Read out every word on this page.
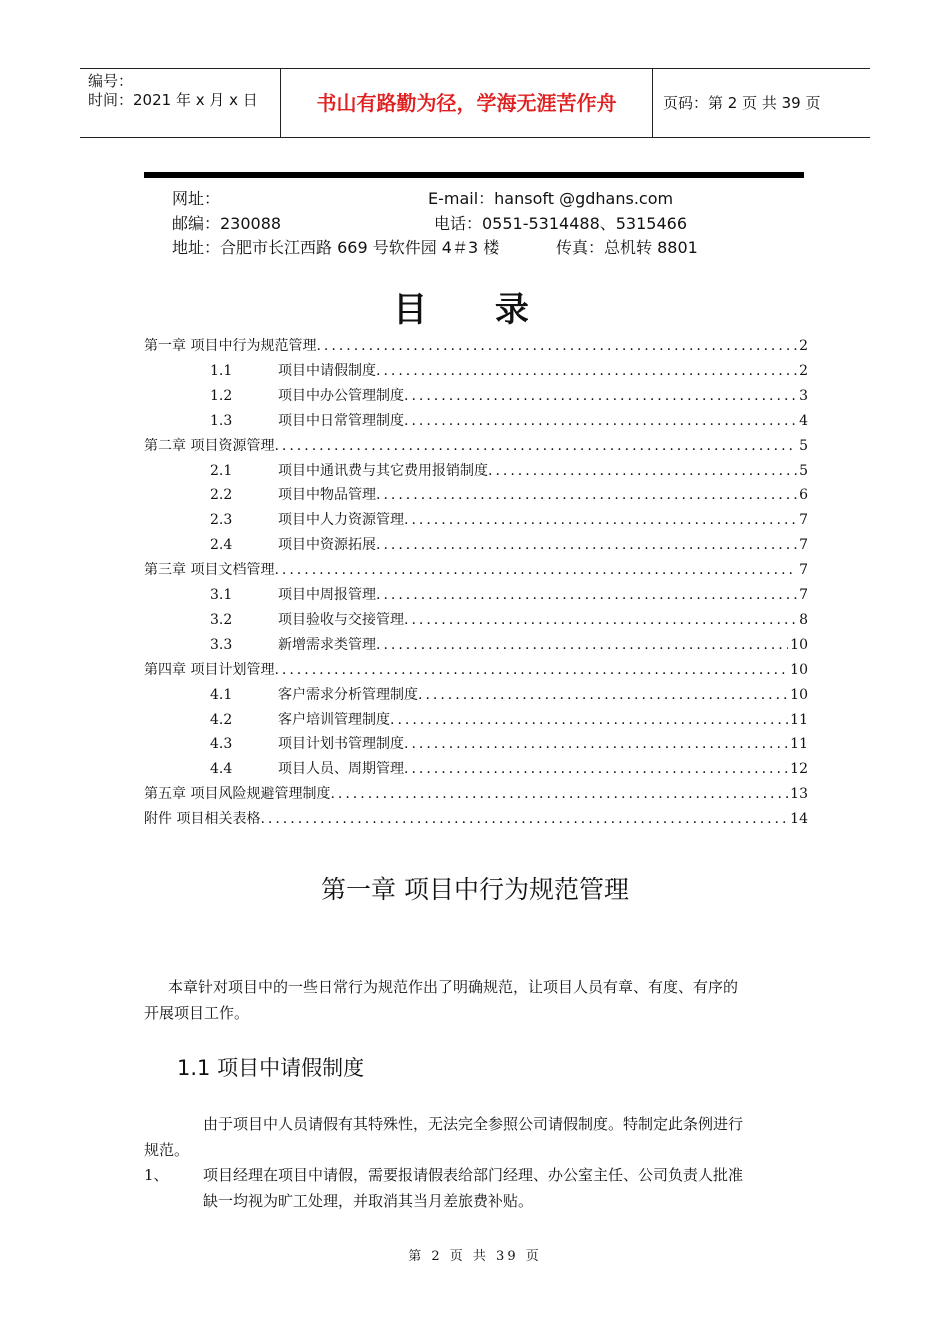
编号：
时间：2021 年 x 月 x 日	书山有路勤为径，学海无涯苦作舟	页码：第 2 页 共 39 页
网址：	E-mail：hansoft @gdhans.com
邮编：230088	电话：0551-5314488、5315466
地址：合肥市长江西路 669 号软件园 4＃3 楼	传真：总机转 8801
目 录
第一章 项目中行为规范管理 .....	2
1.1	项目中请假制度 .....	2
1.2	项目中办公管理制度 .....	3
1.3	项目中日常管理制度 .....	4
第二章 项目资源管理 .....	5
2.1	项目中通讯费与其它费用报销制度 .....	5
2.2	项目中物品管理 .....	6
2.3	项目中人力资源管理 .....	7
2.4	项目中资源拓展 .....	7
第三章 项目文档管理 .....	7
3.1	项目中周报管理 .....	7
3.2	项目验收与交接管理 .....	8
3.3	新增需求类管理 .....	10
第四章 项目计划管理 .....	10
4.1	客户需求分析管理制度 .....	10
4.2	客户培训管理制度 .....	11
4.3	项目计划书管理制度 .....	11
4.4	项目人员、周期管理 .....	12
第五章 项目风险规避管理制度 .....	13
附件 项目相关表格 .....	14
第一章 项目中行为规范管理
本章针对项目中的一些日常行为规范作出了明确规范，让项目人员有章、有度、有序的
开展项目工作。
1.1 项目中请假制度
由于项目中人员请假有其特殊性，无法完全参照公司请假制度。特制定此条例进行
规范。
1、 项目经理在项目中请假，需要报请假表给部门经理、办公室主任、公司负责人批准
缺一均视为旷工处理，并取消其当月差旅费补贴。
第 2 页 共 39 页
